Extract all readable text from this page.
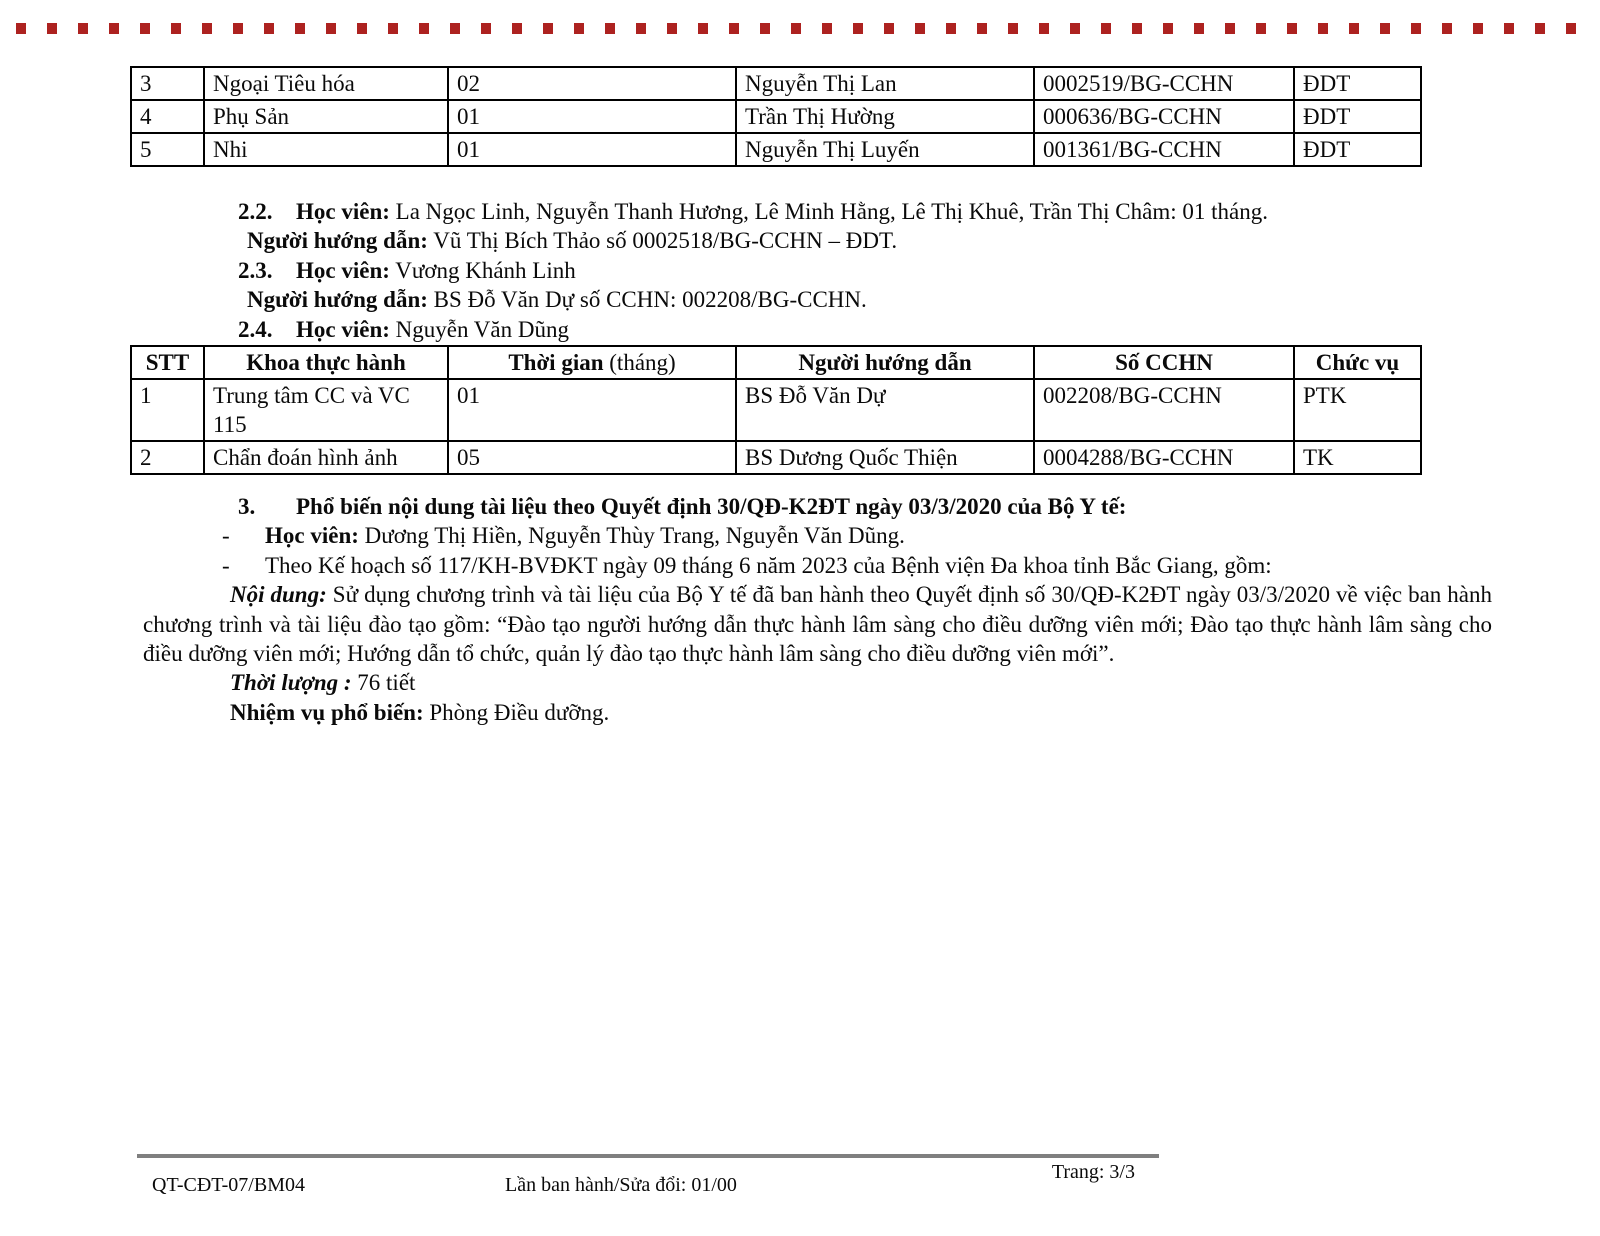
3	Ngoại Tiêu hóa	02	Nguyễn Thị Lan	0002519/BG-CCHN	ĐDT
4	Phụ Sản	01	Trần Thị Hường	000636/BG-CCHN	ĐDT
5	Nhi	01	Nguyễn Thị Luyến	001361/BG-CCHN	ĐDT
2.2. Học viên: La Ngọc Linh, Nguyễn Thanh Hương, Lê Minh Hằng, Lê Thị Khuê, Trần Thị Châm: 01 tháng.
Người hướng dẫn: Vũ Thị Bích Thảo số 0002518/BG-CCHN – ĐDT.
2.3. Học viên: Vương Khánh Linh
Người hướng dẫn: BS Đỗ Văn Dự số CCHN: 002208/BG-CCHN.
2.4. Học viên: Nguyễn Văn Dũng
STT	Khoa thực hành	Thời gian (tháng)	Người hướng dẫn	Số CCHN	Chức vụ
1	Trung tâm CC và VC 115	01	BS Đỗ Văn Dự	002208/BG-CCHN	PTK
2	Chẩn đoán hình ảnh	05	BS Dương Quốc Thiện	0004288/BG-CCHN	TK
3. Phổ biến nội dung tài liệu theo Quyết định 30/QĐ-K2ĐT ngày 03/3/2020 của Bộ Y tế:
- Học viên: Dương Thị Hiền, Nguyễn Thùy Trang, Nguyễn Văn Dũng.
- Theo Kế hoạch số 117/KH-BVĐKT ngày 09 tháng 6 năm 2023 của Bệnh viện Đa khoa tỉnh Bắc Giang, gồm:

Nội dung: Sử dụng chương trình và tài liệu của Bộ Y tế đã ban hành theo Quyết định số 30/QĐ-K2ĐT ngày 03/3/2020 về việc ban hành chương trình và tài liệu đào tạo gồm: “Đào tạo người hướng dẫn thực hành lâm sàng cho điều dưỡng viên mới; Đào tạo thực hành lâm sàng cho điều dưỡng viên mới; Hướng dẫn tổ chức, quản lý đào tạo thực hành lâm sàng cho điều dưỡng viên mới”.

Thời lượng : 76 tiết
Nhiệm vụ phổ biến: Phòng Điều dưỡng.
Trang: 3/3
QT-CĐT-07/BM04	Lần ban hành/Sửa đổi: 01/00
